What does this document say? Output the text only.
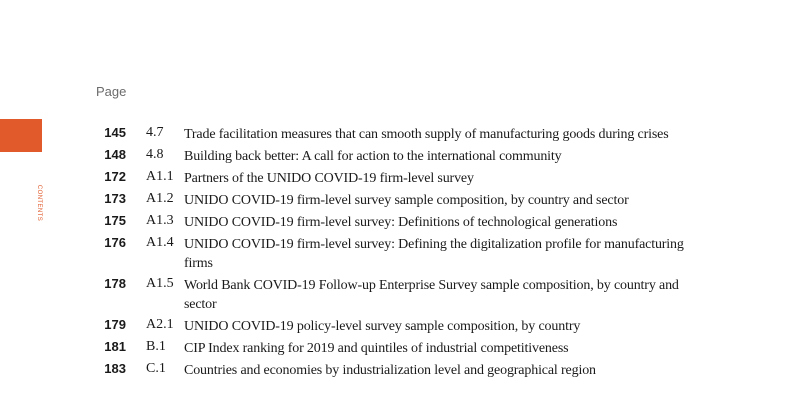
Page
CONTENTS
145 4.7 Trade facilitation measures that can smooth supply of manufacturing goods during crises
148 4.8 Building back better: A call for action to the international community
172 A1.1 Partners of the UNIDO COVID-19 firm-level survey
173 A1.2 UNIDO COVID-19 firm-level survey sample composition, by country and sector
175 A1.3 UNIDO COVID-19 firm-level survey: Definitions of technological generations
176 A1.4 UNIDO COVID-19 firm-level survey: Defining the digitalization profile for manufacturing firms
178 A1.5 World Bank COVID-19 Follow-up Enterprise Survey sample composition, by country and sector
179 A2.1 UNIDO COVID-19 policy-level survey sample composition, by country
181 B.1 CIP Index ranking for 2019 and quintiles of industrial competitiveness
183 C.1 Countries and economies by industrialization level and geographical region
